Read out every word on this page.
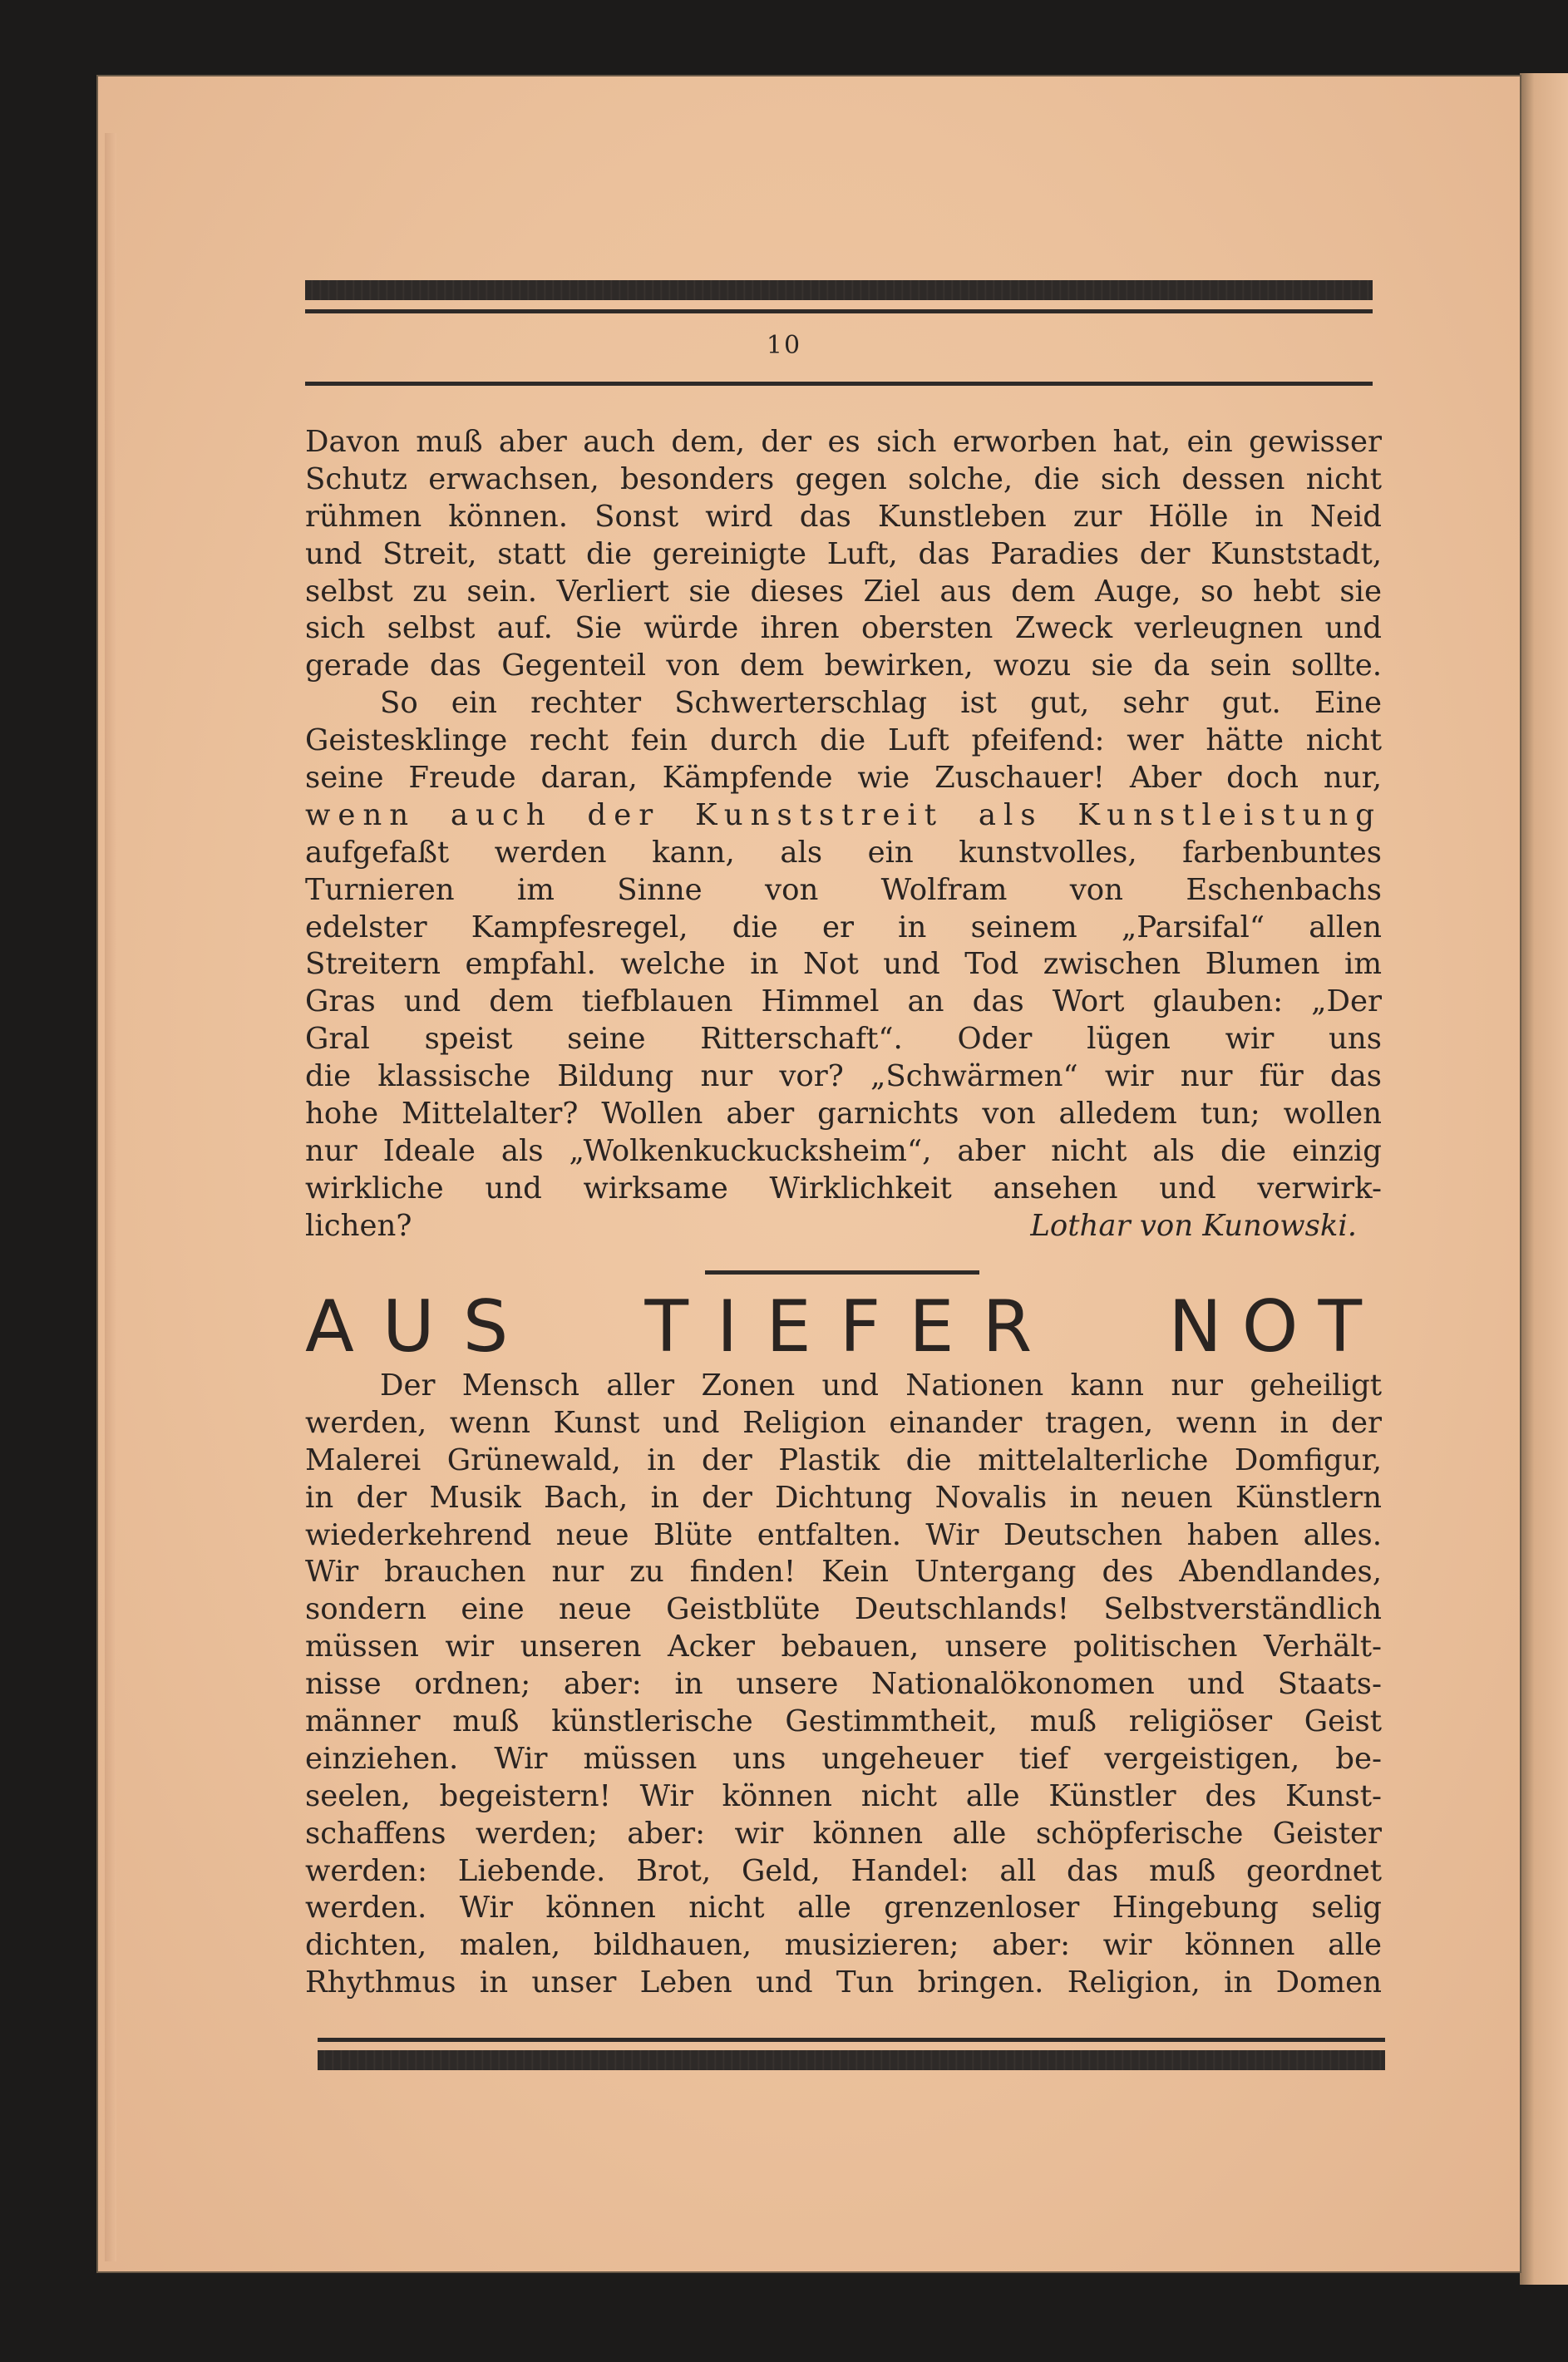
10
Davon muß aber auch dem, der es sich erworben hat, ein gewisser
Schutz erwachsen, besonders gegen solche, die sich dessen nicht
rühmen können. Sonst wird das Kunstleben zur Hölle in Neid
und Streit, statt die gereinigte Luft, das Paradies der Kunststadt,
selbst zu sein. Verliert sie dieses Ziel aus dem Auge, so hebt sie
sich selbst auf. Sie würde ihren obersten Zweck verleugnen und
gerade das Gegenteil von dem bewirken, wozu sie da sein sollte.
So ein rechter Schwerterschlag ist gut, sehr gut. Eine
Geistesklinge recht fein durch die Luft pfeifend: wer hätte nicht
seine Freude daran, Kämpfende wie Zuschauer! Aber doch nur,
wenn auch der Kunststreit als Kunstleistung
aufgefaßt werden kann, als ein kunstvolles, farbenbuntes
Turnieren im Sinne von Wolfram von Eschenbachs
edelster Kampfesregel, die er in seinem „Parsifal“ allen
Streitern empfahl. welche in Not und Tod zwischen Blumen im
Gras und dem tiefblauen Himmel an das Wort glauben: „Der
Gral speist seine Ritterschaft“. Oder lügen wir uns
die klassische Bildung nur vor? „Schwärmen“ wir nur für das
hohe Mittelalter? Wollen aber garnichts von alledem tun; wollen
nur Ideale als „Wolkenkuckucksheim“, aber nicht als die einzig
wirkliche und wirksame Wirklichkeit ansehen und verwirk-
lichen?	Lothar von Kunowski.
AUS TIEFER NOT
Der Mensch aller Zonen und Nationen kann nur geheiligt
werden, wenn Kunst und Religion einander tragen, wenn in der
Malerei Grünewald, in der Plastik die mittelalterliche Domfigur,
in der Musik Bach, in der Dichtung Novalis in neuen Künstlern
wiederkehrend neue Blüte entfalten. Wir Deutschen haben alles.
Wir brauchen nur zu finden! Kein Untergang des Abendlandes,
sondern eine neue Geistblüte Deutschlands! Selbstverständlich
müssen wir unseren Acker bebauen, unsere politischen Verhält-
nisse ordnen; aber: in unsere Nationalökonomen und Staats-
männer muß künstlerische Gestimmtheit, muß religiöser Geist
einziehen. Wir müssen uns ungeheuer tief vergeistigen, be-
seelen, begeistern! Wir können nicht alle Künstler des Kunst-
schaffens werden; aber: wir können alle schöpferische Geister
werden: Liebende. Brot, Geld, Handel: all das muß geordnet
werden. Wir können nicht alle grenzenloser Hingebung selig
dichten, malen, bildhauen, musizieren; aber: wir können alle
Rhythmus in unser Leben und Tun bringen. Religion, in Domen
